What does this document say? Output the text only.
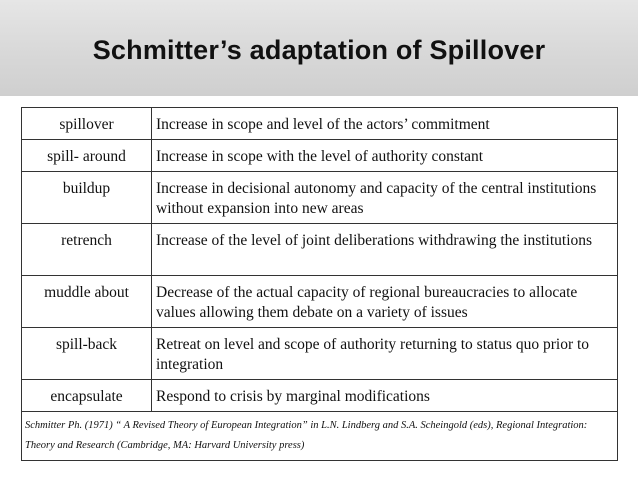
Schmitter’s adaptation of Spillover
spillover	Increase in scope and level of the actors’ commitment
spill- around	Increase in scope with the level of authority constant
buildup	Increase in decisional autonomy and capacity of the central institutions without expansion into new areas
retrench	Increase of the level of joint deliberations withdrawing the institutions
muddle about	Decrease of the actual capacity of regional bureaucracies to allocate values allowing them debate on a variety of issues
spill-back	Retreat on level and scope of authority returning to status quo prior to integration
encapsulate	Respond to crisis by marginal modifications
Schmitter Ph. (1971) “ A Revised Theory of European Integration” in L.N. Lindberg and S.A. Scheingold (eds), Regional Integration: Theory and Research (Cambridge, MA: Harvard University press)	
